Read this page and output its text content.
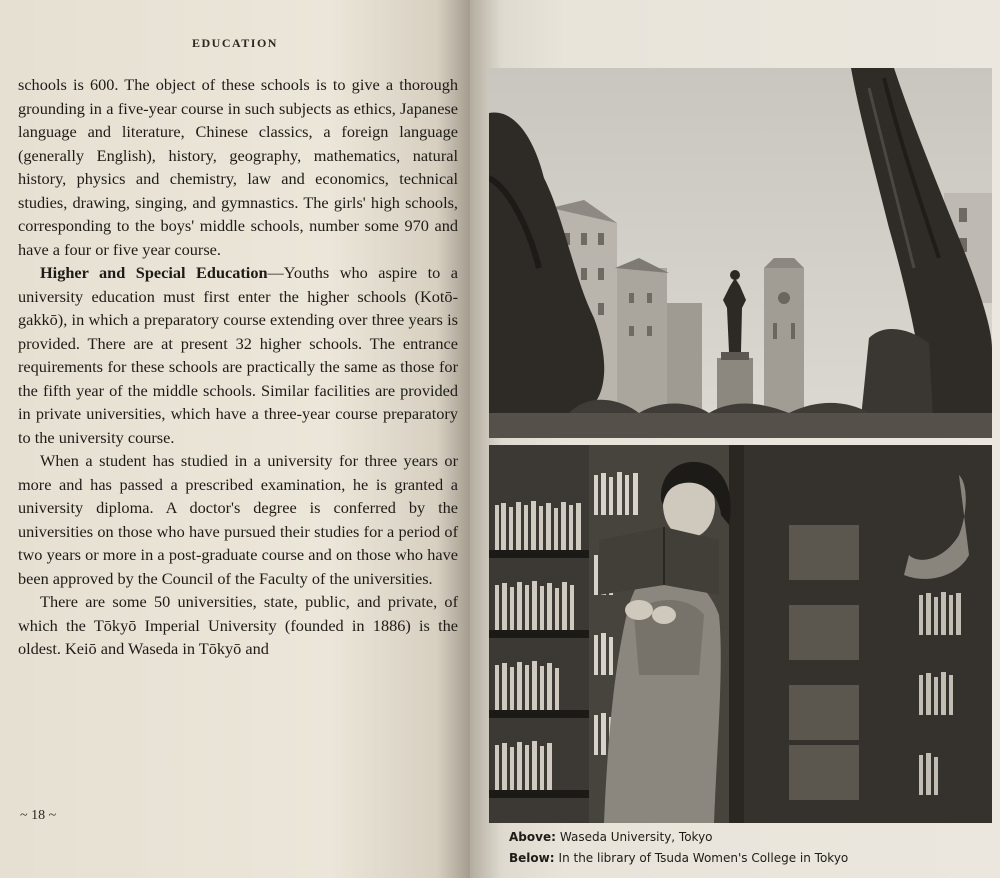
EDUCATION

schools is 600. The object of these schools is to give a thorough grounding in a five-year course in such subjects as ethics, Japanese language and literature, Chinese classics, a foreign language (generally English), history, geography, mathematics, natural history, physics and chemistry, law and economics, technical studies, drawing, singing, and gymnastics. The girls' high schools, corresponding to the boys' middle schools, number some 970 and have a four or five year course.

Higher and Special Education—Youths who aspire to a university education must first enter the higher schools (Kotō-gakkō), in which a preparatory course extending over three years is provided. There are at present 32 higher schools. The entrance requirements for these schools are practically the same as those for the fifth year of the middle schools. Similar facilities are provided in private universities, which have a three-year course preparatory to the university course.

When a student has studied in a university for three years or more and has passed a prescribed examination, he is granted a university diploma. A doctor's degree is conferred by the universities on those who have pursued their studies for a period of two years or more in a post-graduate course and on those who have been approved by the Council of the Faculty of the universities.

There are some 50 universities, state, public, and private, of which the Tōkyō Imperial University (founded in 1886) is the oldest. Keiō and Waseda in Tōkyō and

~ 18 ~
Above: Waseda University, Tokyo
Below: In the library of Tsuda Women's College in Tokyo
